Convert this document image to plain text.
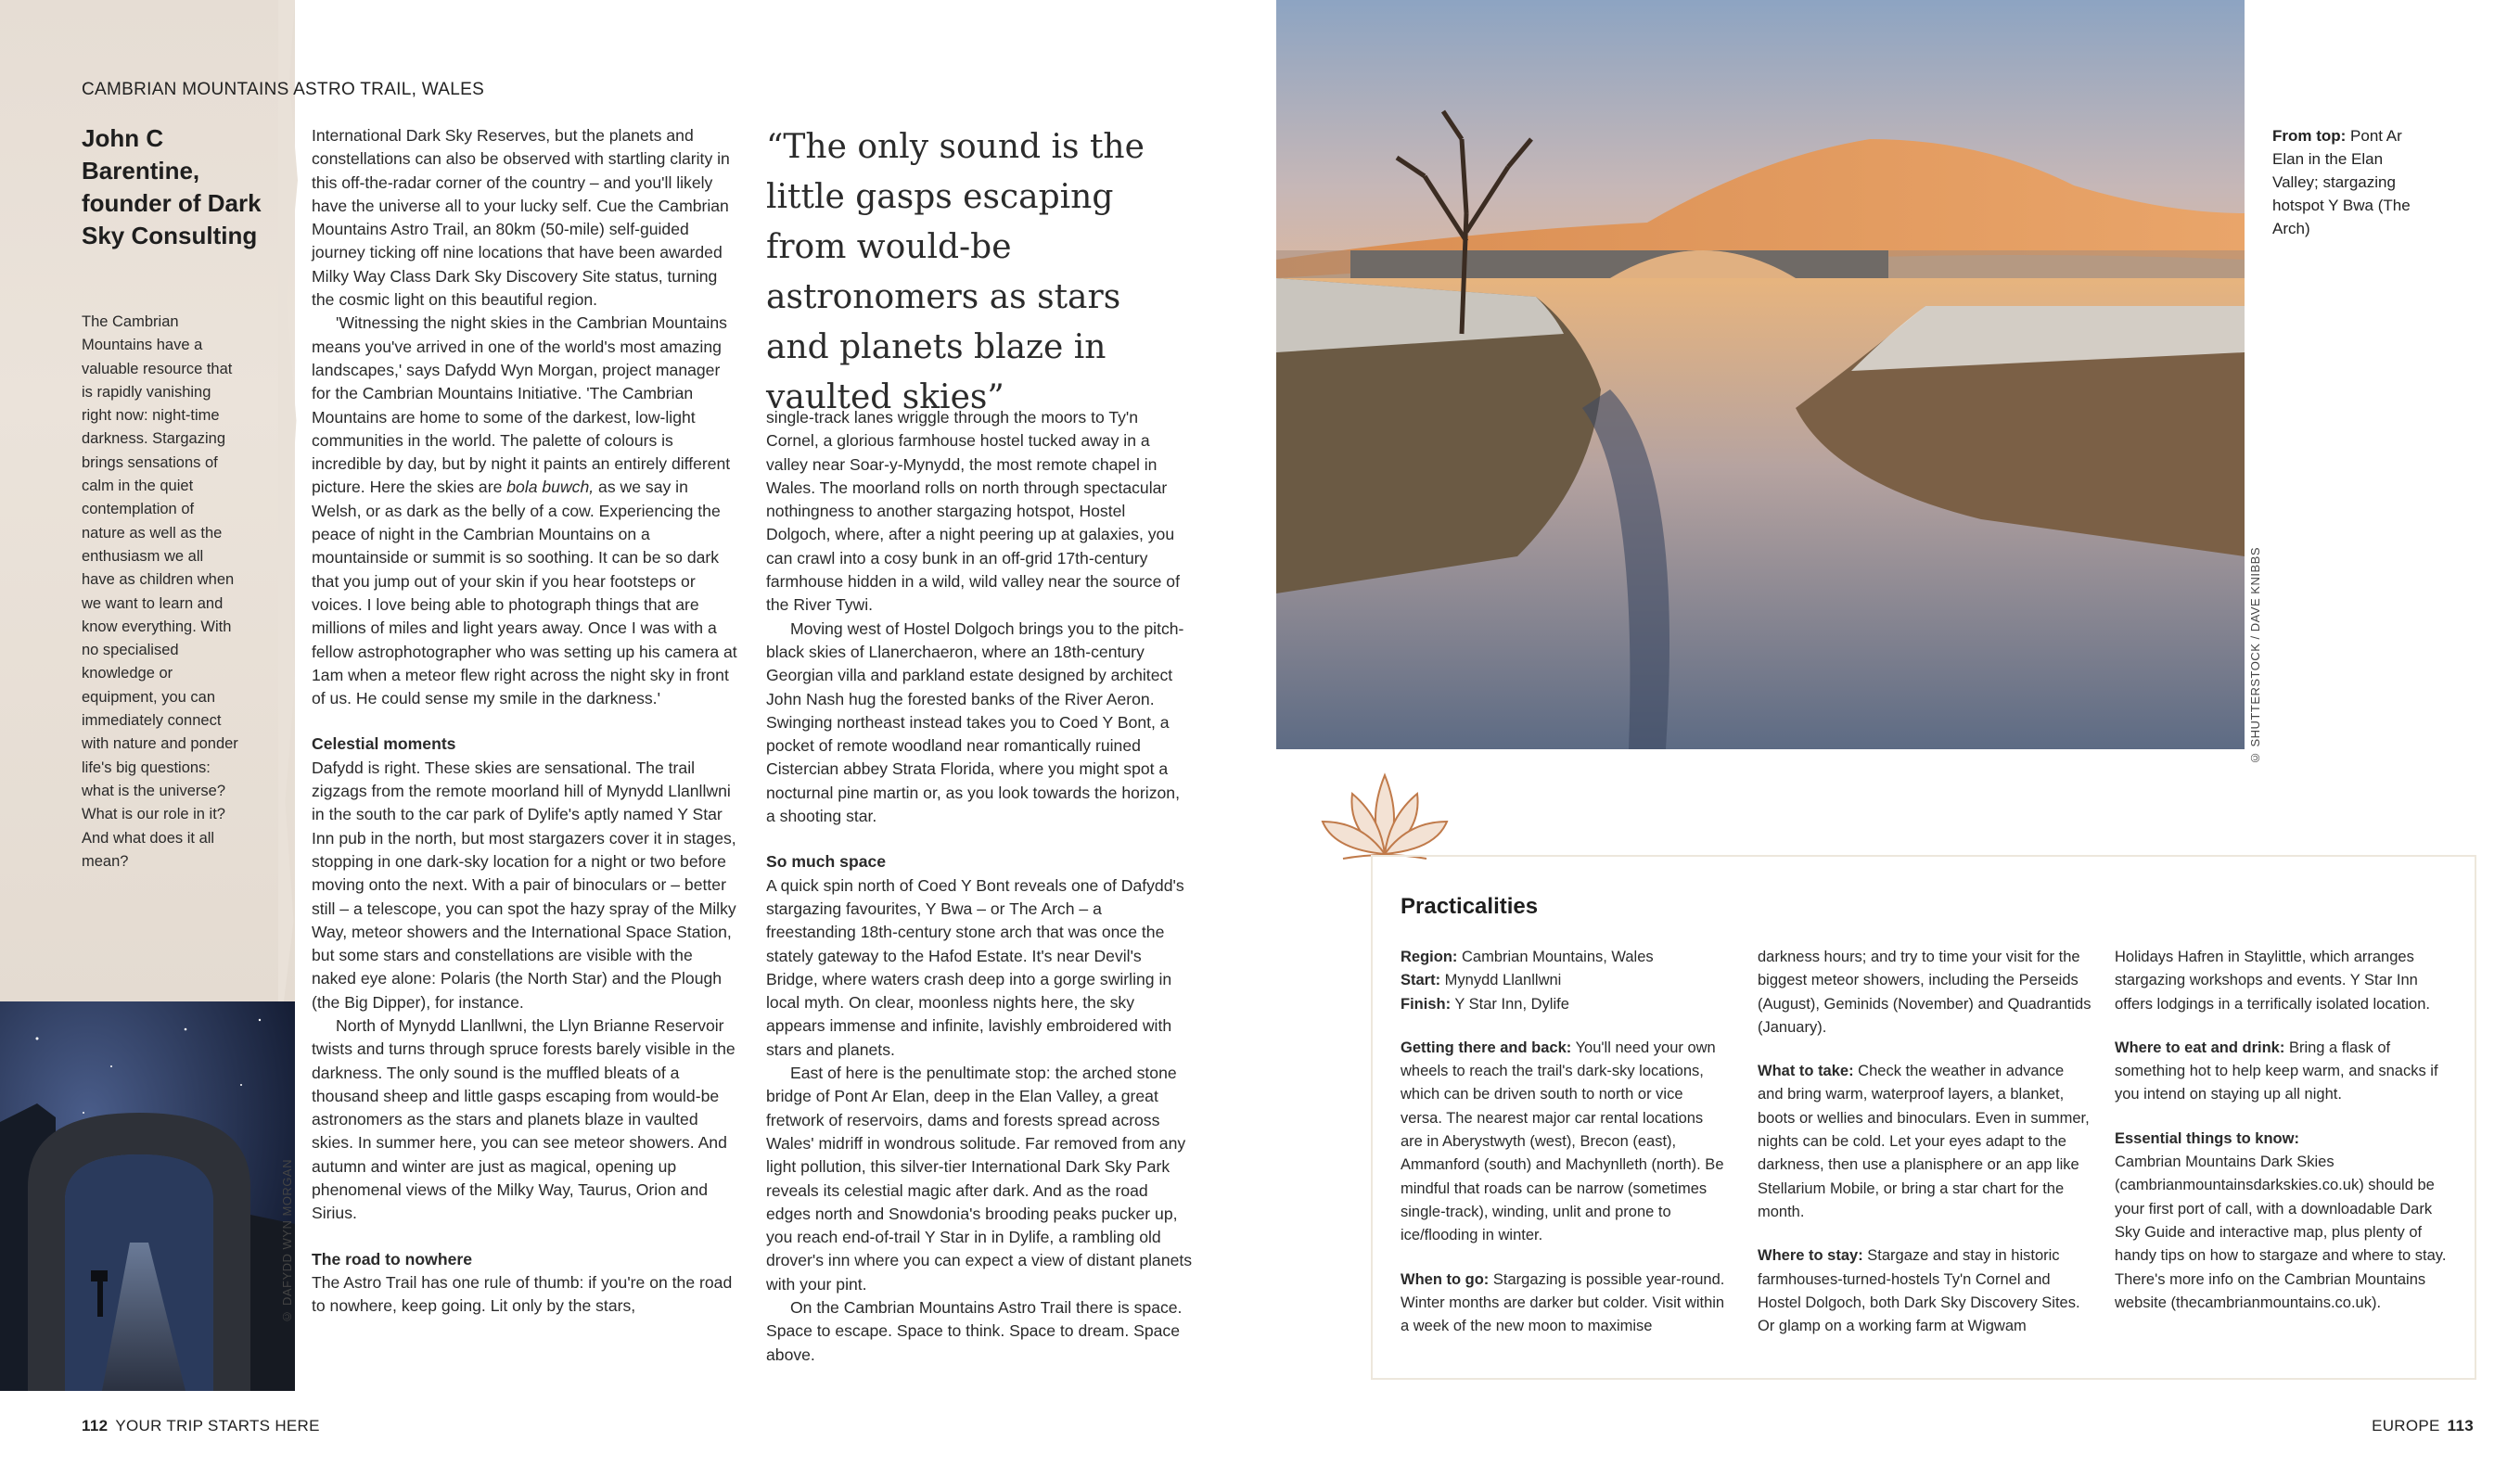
CAMBRIAN MOUNTAINS ASTRO TRAIL, WALES
John C Barentine, founder of Dark Sky Consulting
The Cambrian Mountains have a valuable resource that is rapidly vanishing right now: night-time darkness. Stargazing brings sensations of calm in the quiet contemplation of nature as well as the enthusiasm we all have as children when we want to learn and know everything. With no specialised knowledge or equipment, you can immediately connect with nature and ponder life's big questions: what is the universe? What is our role in it? And what does it all mean?

International Dark Sky Reserves, but the planets and constellations can also be observed with startling clarity in this off-the-radar corner of the country – and you'll likely have the universe all to your lucky self. Cue the Cambrian Mountains Astro Trail, an 80km (50-mile) self-guided journey ticking off nine locations that have been awarded Milky Way Class Dark Sky Discovery Site status, turning the cosmic light on this beautiful region.

'Witnessing the night skies in the Cambrian Mountains means you've arrived in one of the world's most amazing landscapes,' says Dafydd Wyn Morgan, project manager for the Cambrian Mountains Initiative. 'The Cambrian Mountains are home to some of the darkest, low-light communities in the world. The palette of colours is incredible by day, but by night it paints an entirely different picture. Here the skies are bola buwch, as we say in Welsh, or as dark as the belly of a cow. Experiencing the peace of night in the Cambrian Mountains on a mountainside or summit is so soothing. It can be so dark that you jump out of your skin if you hear footsteps or voices. I love being able to photograph things that are millions of miles and light years away. Once I was with a fellow astrophotographer who was setting up his camera at 1am when a meteor flew right across the night sky in front of us. He could sense my smile in the darkness.'

Celestial moments

Dafydd is right. These skies are sensational. The trail zigzags from the remote moorland hill of Mynydd Llanllwni in the south to the car park of Dylife's aptly named Y Star Inn pub in the north, but most stargazers cover it in stages, stopping in one dark-sky location for a night or two before moving onto the next. With a pair of binoculars or – better still – a telescope, you can spot the hazy spray of the Milky Way, meteor showers and the International Space Station, but some stars and constellations are visible with the naked eye alone: Polaris (the North Star) and the Plough (the Big Dipper), for instance.

North of Mynydd Llanllwni, the Llyn Brianne Reservoir twists and turns through spruce forests barely visible in the darkness. The only sound is the muffled bleats of a thousand sheep and little gasps escaping from would-be astronomers as the stars and planets blaze in vaulted skies. In summer here, you can see meteor showers. And autumn and winter are just as magical, opening up phenomenal views of the Milky Way, Taurus, Orion and Sirius.

The road to nowhere

The Astro Trail has one rule of thumb: if you're on the road to nowhere, keep going. Lit only by the stars,

“The only sound is the little gasps escaping from would-be astronomers as stars and planets blaze in vaulted skies”

single-track lanes wriggle through the moors to Ty'n Cornel, a glorious farmhouse hostel tucked away in a valley near Soar-y-Mynydd, the most remote chapel in Wales. The moorland rolls on north through spectacular nothingness to another stargazing hotspot, Hostel Dolgoch, where, after a night peering up at galaxies, you can crawl into a cosy bunk in an off-grid 17th-century farmhouse hidden in a wild, wild valley near the source of the River Tywi.

Moving west of Hostel Dolgoch brings you to the pitch-black skies of Llanerchaeron, where an 18th-century Georgian villa and parkland estate designed by architect John Nash hug the forested banks of the River Aeron. Swinging northeast instead takes you to Coed Y Bont, a pocket of remote woodland near romantically ruined Cistercian abbey Strata Florida, where you might spot a nocturnal pine martin or, as you look towards the horizon, a shooting star.

So much space

A quick spin north of Coed Y Bont reveals one of Dafydd's stargazing favourites, Y Bwa – or The Arch – a freestanding 18th-century stone arch that was once the stately gateway to the Hafod Estate. It's near Devil's Bridge, where waters crash deep into a gorge swirling in local myth. On clear, moonless nights here, the sky appears immense and infinite, lavishly embroidered with stars and planets.

East of here is the penultimate stop: the arched stone bridge of Pont Ar Elan, deep in the Elan Valley, a great fretwork of reservoirs, dams and forests spread across Wales' midriff in wondrous solitude. Far removed from any light pollution, this silver-tier International Dark Sky Park reveals its celestial magic after dark. And as the road edges north and Snowdonia's brooding peaks pucker up, you reach end-of-trail Y Star in in Dylife, a rambling old drover's inn where you can expect a view of distant planets with your pint.

On the Cambrian Mountains Astro Trail there is space. Space to escape. Space to think. Space to dream. Space above.

© DAFYDD WYN MORGAN
© SHUTTERSTOCK / DAVE KNIBBS
From top: Pont Ar Elan in the Elan Valley; stargazing hotspot Y Bwa (The Arch)
Practicalities

Region: Cambrian Mountains, Wales

Start: Mynydd Llanllwni

Finish: Y Star Inn, Dylife

Getting there and back: You'll need your own wheels to reach the trail's dark-sky locations, which can be driven south to north or vice versa. The nearest major car rental locations are in Aberystwyth (west), Brecon (east), Ammanford (south) and Machynlleth (north). Be mindful that roads can be narrow (sometimes single-track), winding, unlit and prone to ice/flooding in winter.

When to go: Stargazing is possible year-round. Winter months are darker but colder. Visit within a week of the new moon to maximise

darkness hours; and try to time your visit for the biggest meteor showers, including the Perseids (August), Geminids (November) and Quadrantids (January).

What to take: Check the weather in advance and bring warm, waterproof layers, a blanket, boots or wellies and binoculars. Even in summer, nights can be cold. Let your eyes adapt to the darkness, then use a planisphere or an app like Stellarium Mobile, or bring a star chart for the month.

Where to stay: Stargaze and stay in historic farmhouses-turned-hostels Ty'n Cornel and Hostel Dolgoch, both Dark Sky Discovery Sites. Or glamp on a working farm at Wigwam

Holidays Hafren in Staylittle, which arranges stargazing workshops and events. Y Star Inn offers lodgings in a terrifically isolated location.

Where to eat and drink: Bring a flask of something hot to help keep warm, and snacks if you intend on staying up all night.

Essential things to know:
Cambrian Mountains Dark Skies (cambrianmountainsdarkskies.co.uk) should be your first port of call, with a downloadable Dark Sky Guide and interactive map, plus plenty of handy tips on how to stargaze and where to stay. There's more info on the Cambrian Mountains website (thecambrianmountains.co.uk).

112 YOUR TRIP STARTS HERE	EUROPE 113
